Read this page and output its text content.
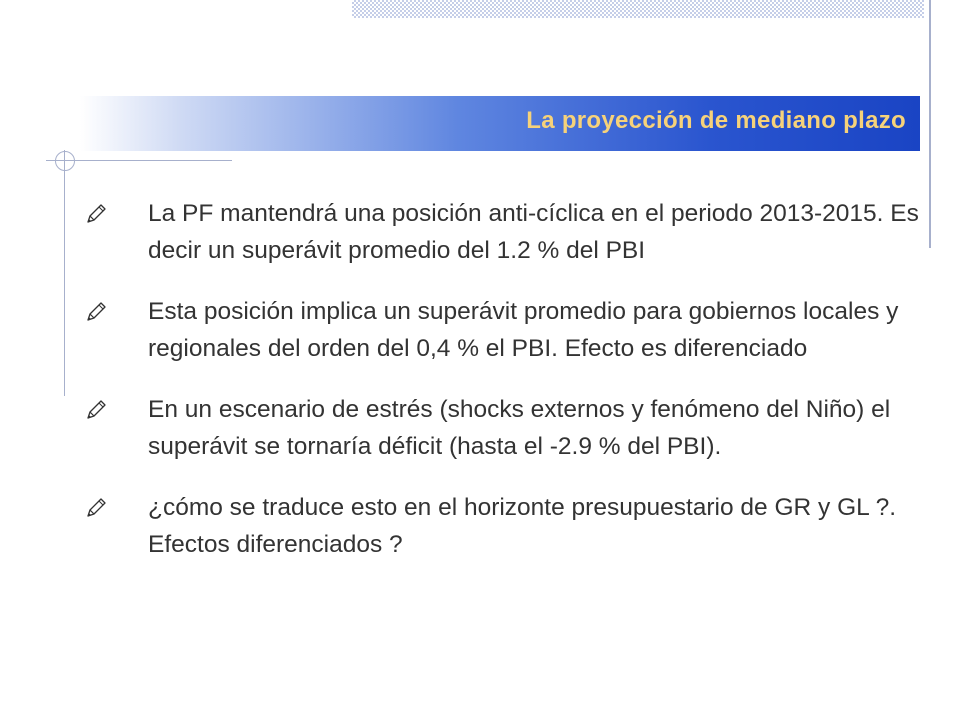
La proyección de mediano plazo
La PF mantendrá una posición anti-cíclica en el periodo 2013-2015. Es decir un superávit promedio del 1.2 % del PBI
Esta posición implica un superávit promedio para gobiernos locales y regionales del orden del 0,4 % el PBI. Efecto es diferenciado
En un escenario de estrés (shocks externos y fenómeno del Niño) el superávit se tornaría déficit (hasta el -2.9 % del PBI).
¿cómo se traduce esto en el horizonte presupuestario de GR y GL ?. Efectos diferenciados ?
